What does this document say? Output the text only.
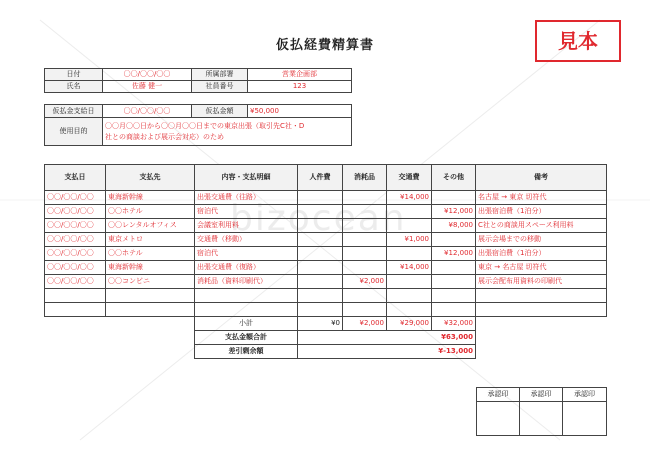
bizocean
仮払経費精算書	見本
日付	〇〇/〇〇/〇〇	所属部署	営業企画部
氏名	佐藤 健一	社員番号	123
仮払金支給日	〇〇/〇〇/〇〇	仮払金額	¥50,000
使用目的	〇〇月〇〇日から〇〇月〇〇日までの東京出張（取引先C社・D
社との商談および展示会対応）のため		
支払日	支払先	内容・支払明細	人件費	消耗品	交通費	その他	備考
〇〇/〇〇/〇〇	東海新幹線	出張交通費（往路）			¥14,000		名古屋 → 東京 切符代
〇〇/〇〇/〇〇	〇〇ホテル	宿泊代				¥12,000	出張宿泊費（1泊分）
〇〇/〇〇/〇〇	〇〇レンタルオフィス	会議室利用料				¥8,000	C社との商談用スペース利用料
〇〇/〇〇/〇〇	東京メトロ	交通費（移動）			¥1,000		展示会場までの移動
〇〇/〇〇/〇〇	〇〇ホテル	宿泊代				¥12,000	出張宿泊費（1泊分）
〇〇/〇〇/〇〇	東海新幹線	出張交通費（復路）			¥14,000		東京 → 名古屋 切符代
〇〇/〇〇/〇〇	〇〇コンビニ	消耗品（資料印刷代）		¥2,000			展示会配布用資料の印刷代

		小計	¥0	¥2,000	¥29,000	¥32,000	
		支払金額合計	¥63,000				
		差引剰余額	¥-13,000				
承認印	承認印	承認印
